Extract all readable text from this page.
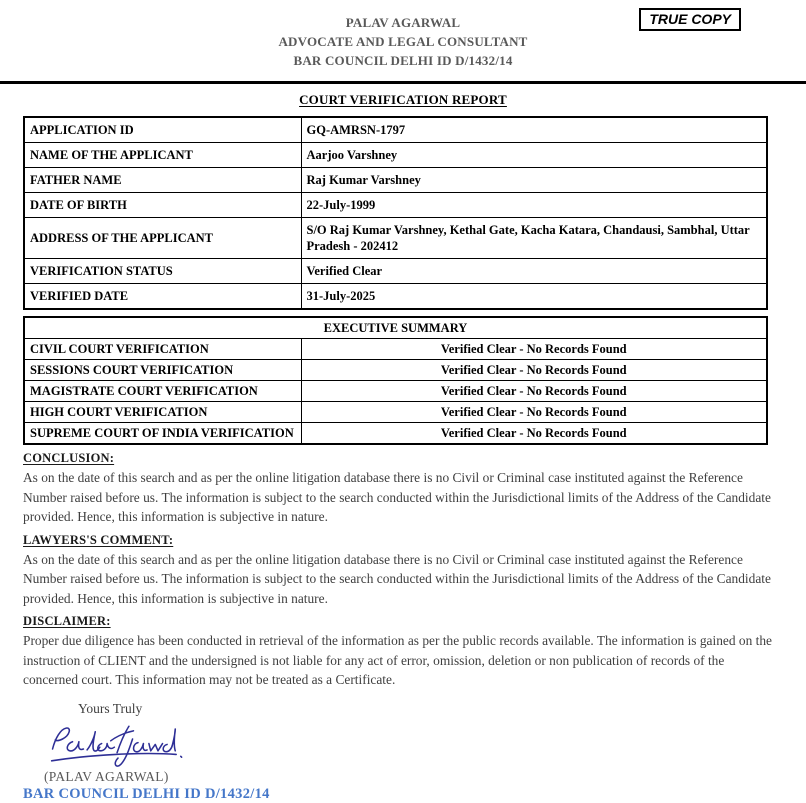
TRUE COPY
PALAV AGARWAL
ADVOCATE AND LEGAL CONSULTANT
BAR COUNCIL DELHI ID D/1432/14
COURT VERIFICATION REPORT
APPLICATION ID	GQ-AMRSN-1797
NAME OF THE APPLICANT	Aarjoo Varshney
FATHER NAME	Raj Kumar Varshney
DATE OF BIRTH	22-July-1999
ADDRESS OF THE APPLICANT	S/O Raj Kumar Varshney, Kethal Gate, Kacha Katara, Chandausi, Sambhal, Uttar Pradesh - 202412
VERIFICATION STATUS	Verified Clear
VERIFIED DATE	31-July-2025
EXECUTIVE SUMMARY	
CIVIL COURT VERIFICATION	Verified Clear - No Records Found
SESSIONS COURT VERIFICATION	Verified Clear - No Records Found
MAGISTRATE COURT VERIFICATION	Verified Clear - No Records Found
HIGH COURT VERIFICATION	Verified Clear - No Records Found
SUPREME COURT OF INDIA VERIFICATION	Verified Clear - No Records Found
CONCLUSION:

As on the date of this search and as per the online litigation database there is no Civil or Criminal case instituted against the Reference Number raised before us. The information is subject to the search conducted within the Jurisdictional limits of the Address of the Candidate provided. Hence, this information is subjective in nature.

LAWYERS'S COMMENT:

As on the date of this search and as per the online litigation database there is no Civil or Criminal case instituted against the Reference Number raised before us. The information is subject to the search conducted within the Jurisdictional limits of the Address of the Candidate provided. Hence, this information is subjective in nature.

DISCLAIMER:

Proper due diligence has been conducted in retrieval of the information as per the public records available. The information is gained on the instruction of CLIENT and the undersigned is not liable for any act of error, omission, deletion or non publication of records of the concerned court. This information may not be treated as a Certificate.

Yours Truly
(PALAV AGARWAL)
BAR COUNCIL DELHI ID D/1432/14
